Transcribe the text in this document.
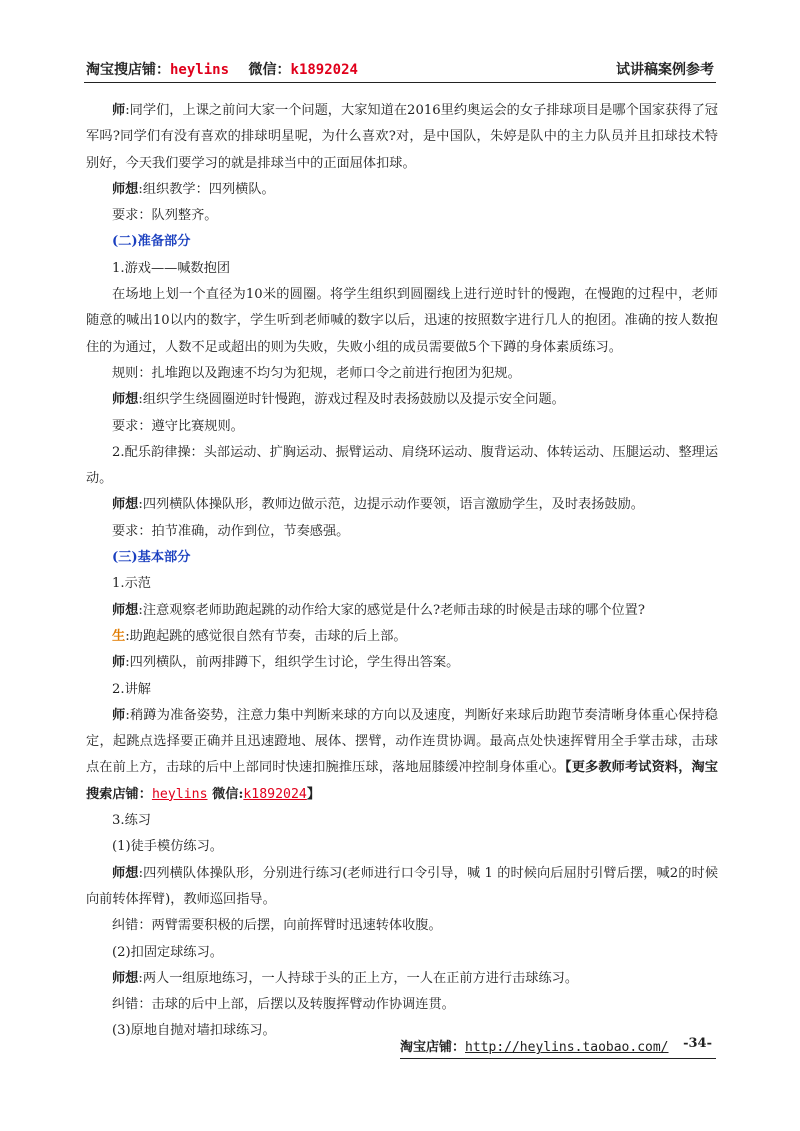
淘宝搜店铺：heylins 微信：k1892024	试讲稿案例参考

师:同学们，上课之前问大家一个问题，大家知道在2016里约奥运会的女子排球项目是哪个国家获得了冠军吗?同学们有没有喜欢的排球明星呢，为什么喜欢?对，是中国队，朱婷是队中的主力队员并且扣球技术特别好，今天我们要学习的就是排球当中的正面屈体扣球。

师想:组织教学：四列横队。

要求：队列整齐。

(二)准备部分

1.游戏——喊数抱团

在场地上划一个直径为10米的圆圈。将学生组织到圆圈线上进行逆时针的慢跑，在慢跑的过程中，老师随意的喊出10以内的数字，学生听到老师喊的数字以后，迅速的按照数字进行几人的抱团。准确的按人数抱住的为通过，人数不足或超出的则为失败，失败小组的成员需要做5个下蹲的身体素质练习。

规则：扎堆跑以及跑速不均匀为犯规，老师口令之前进行抱团为犯规。

师想:组织学生绕圆圈逆时针慢跑，游戏过程及时表扬鼓励以及提示安全问题。

要求：遵守比赛规则。

2.配乐韵律操：头部运动、扩胸运动、振臂运动、肩绕环运动、腹背运动、体转运动、压腿运动、整理运动。

师想:四列横队体操队形，教师边做示范，边提示动作要领，语言激励学生，及时表扬鼓励。

要求：拍节准确，动作到位，节奏感强。

(三)基本部分

1.示范

师想:注意观察老师助跑起跳的动作给大家的感觉是什么?老师击球的时候是击球的哪个位置?

生:助跑起跳的感觉很自然有节奏，击球的后上部。

师:四列横队，前两排蹲下，组织学生讨论，学生得出答案。

2.讲解

师:稍蹲为准备姿势，注意力集中判断来球的方向以及速度，判断好来球后助跑节奏清晰身体重心保持稳定，起跳点选择要正确并且迅速蹬地、展体、摆臂，动作连贯协调。最高点处快速挥臂用全手掌击球，击球点在前上方，击球的后中上部同时快速扣腕推压球，落地屈膝缓冲控制身体重心。【更多教师考试资料，淘宝搜索店铺：heylins 微信:k1892024】

3.练习

(1)徒手模仿练习。

师想:四列横队体操队形，分别进行练习(老师进行口令引导，喊 1 的时候向后屈肘引臂后摆，喊2的时候向前转体挥臂)，教师巡回指导。

纠错：两臂需要积极的后摆，向前挥臂时迅速转体收腹。

(2)扣固定球练习。

师想:两人一组原地练习，一人持球于头的正上方，一人在正前方进行击球练习。

纠错：击球的后中上部，后摆以及转腹挥臂动作协调连贯。

(3)原地自抛对墙扣球练习。

淘宝店铺：http://heylins.taobao.com/ -34-
